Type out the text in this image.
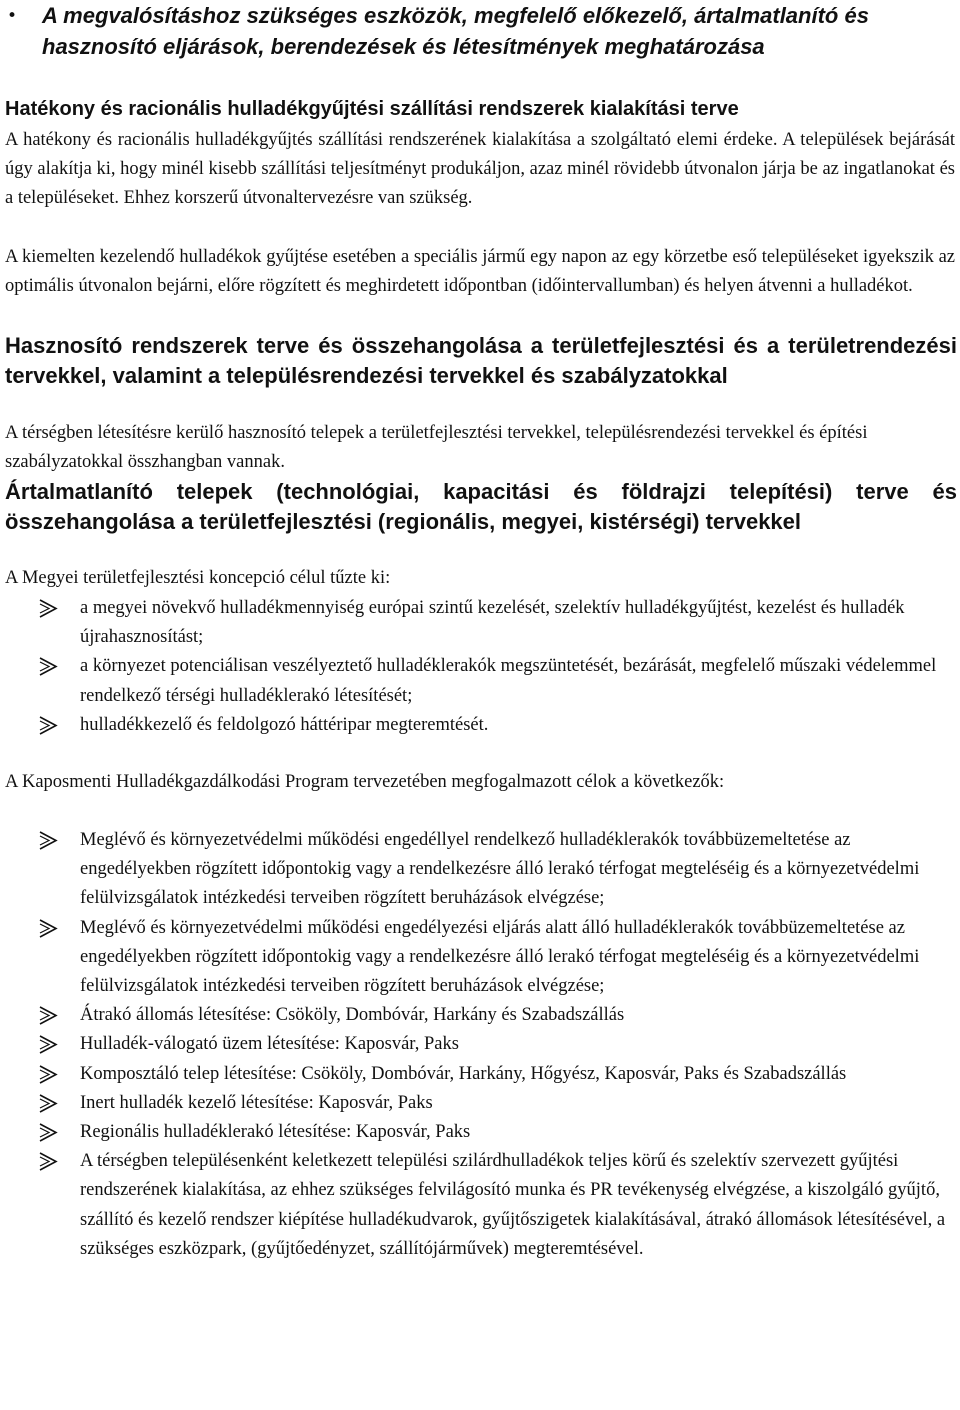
• A megvalósításhoz szükséges eszközök, megfelelő előkezelő, ártalmatlanító és hasznosító eljárások, berendezések és létesítmények meghatározása
Hatékony és racionális hulladékgyűjtési szállítási rendszerek kialakítási terve

A hatékony és racionális hulladékgyűjtés szállítási rendszerének kialakítása a szolgáltató elemi érdeke. A települések bejárását úgy alakítja ki, hogy minél kisebb szállítási teljesítményt produkáljon, azaz minél rövidebb útvonalon járja be az ingatlanokat és a településeket. Ehhez korszerű útvonaltervezésre van szükség.

A kiemelten kezelendő hulladékok gyűjtése esetében a speciális jármű egy napon az egy körzetbe eső településeket igyekszik az optimális útvonalon bejárni, előre rögzített és meghirdetett időpontban (időintervallumban) és helyen átvenni a hulladékot.

Hasznosító rendszerek terve és összehangolása a területfejlesztési és a területrendezési tervekkel, valamint a településrendezési tervekkel és szabályzatokkal

A térségben létesítésre kerülő hasznosító telepek a területfejlesztési tervekkel, településrendezési tervekkel és építési szabályzatokkal összhangban vannak.

Ártalmatlanító telepek (technológiai, kapacitási és földrajzi telepítési) terve és összehangolása a területfejlesztési (regionális, megyei, kistérségi) tervekkel

A Megyei területfejlesztési koncepció célul tűzte ki:

a megyei növekvő hulladékmennyiség európai szintű kezelését, szelektív hulladékgyűjtést, kezelést és hulladék újrahasznosítást;
a környezet potenciálisan veszélyeztető hulladéklerakók megszüntetését, bezárását, megfelelő műszaki védelemmel rendelkező térségi hulladéklerakó létesítését;
hulladékkezelő és feldolgozó háttéripar megteremtését.

A Kaposmenti Hulladékgazdálkodási Program tervezetében megfogalmazott célok a következők:

Meglévő és környezetvédelmi működési engedéllyel rendelkező hulladéklerakók továbbüzemeltetése az engedélyekben rögzített időpontokig vagy a rendelkezésre álló lerakó térfogat megteléséig és a környezetvédelmi felülvizsgálatok intézkedési terveiben rögzített beruházások elvégzése;
Meglévő és környezetvédelmi működési engedélyezési eljárás alatt álló hulladéklerakók továbbüzemeltetése az engedélyekben rögzített időpontokig vagy a rendelkezésre álló lerakó térfogat megteléséig és a környezetvédelmi felülvizsgálatok intézkedési terveiben rögzített beruházások elvégzése;
Átrakó állomás létesítése: Csököly, Dombóvár, Harkány és Szabadszállás
Hulladék-válogató üzem létesítése: Kaposvár, Paks
Komposztáló telep létesítése: Csököly, Dombóvár, Harkány, Hőgyész, Kaposvár, Paks és Szabadszállás
Inert hulladék kezelő létesítése: Kaposvár, Paks
Regionális hulladéklerakó létesítése: Kaposvár, Paks
A térségben településenként keletkezett települési szilárdhulladékok teljes körű és szelektív szervezett gyűjtési rendszerének kialakítása, az ehhez szükséges felvilágosító munka és PR tevékenység elvégzése, a kiszolgáló gyűjtő, szállító és kezelő rendszer kiépítése hulladékudvarok, gyűjtőszigetek kialakításával, átrakó állomások létesítésével, a szükséges eszközpark, (gyűjtőedényzet, szállítójárművek) megteremtésével.
